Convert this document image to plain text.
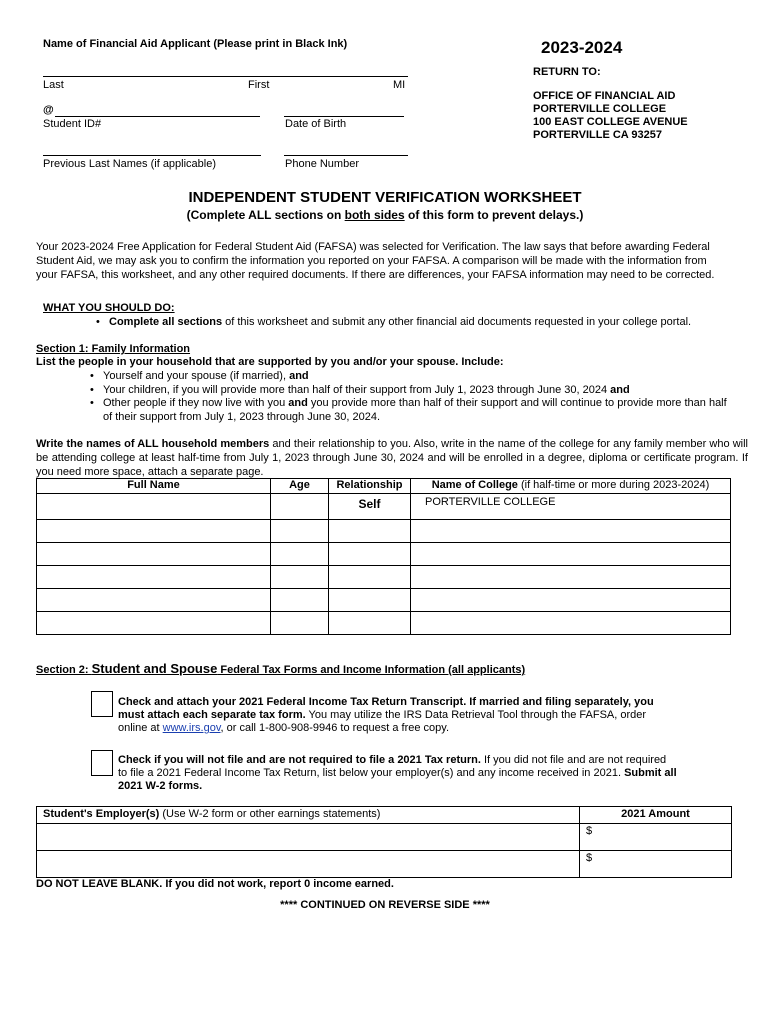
Name of Financial Aid Applicant (Please print in Black Ink)	2023-2024
Last	First	MI
@
Student ID#	Date of Birth
Previous Last Names (if applicable)	Phone Number
RETURN TO:
OFFICE OF FINANCIAL AID
PORTERVILLE COLLEGE
100 EAST COLLEGE AVENUE
PORTERVILLE CA 93257
INDEPENDENT STUDENT VERIFICATION WORKSHEET
(Complete ALL sections on both sides of this form to prevent delays.)

Your 2023-2024 Free Application for Federal Student Aid (FAFSA) was selected for Verification. The law says that before awarding Federal Student Aid, we may ask you to confirm the information you reported on your FAFSA. A comparison will be made with the information from your FAFSA, this worksheet, and any other required documents. If there are differences, your FAFSA information may need to be corrected.

WHAT YOU SHOULD DO:
• Complete all sections of this worksheet and submit any other financial aid documents requested in your college portal.
Section 1: Family Information
List the people in your household that are supported by you and/or your spouse. Include:
• Yourself and your spouse (if married), and
• Your children, if you will provide more than half of their support from July 1, 2023 through June 30, 2024 and
• Other people if they now live with you and you provide more than half of their support and will continue to provide more than half of their support from July 1, 2023 through June 30, 2024.

Write the names of ALL household members and their relationship to you. Also, write in the name of the college for any family member who will be attending college at least half-time from July 1, 2023 through June 30, 2024 and will be enrolled in a degree, diploma or certificate program. If you need more space, attach a separate page.

Full Name	Age	Relationship	Name of College (if half-time or more during 2023-2024)
		Self	PORTERVILLE COLLEGE

Section 2: Student and Spouse Federal Tax Forms and Income Information (all applicants)

Check and attach your 2021 Federal Income Tax Return Transcript. If married and filing separately, you must attach each separate tax form. You may utilize the IRS Data Retrieval Tool through the FAFSA, order online at www.irs.gov, or call 1-800-908-9946 to request a free copy.

Check if you will not file and are not required to file a 2021 Tax return. If you did not file and are not required to file a 2021 Federal Income Tax Return, list below your employer(s) and any income received in 2021. Submit all 2021 W-2 forms.

Student's Employer(s) (Use W-2 form or other earnings statements)	2021 Amount
	$
	$
DO NOT LEAVE BLANK. If you did not work, report 0 income earned.
**** CONTINUED ON REVERSE SIDE ****
